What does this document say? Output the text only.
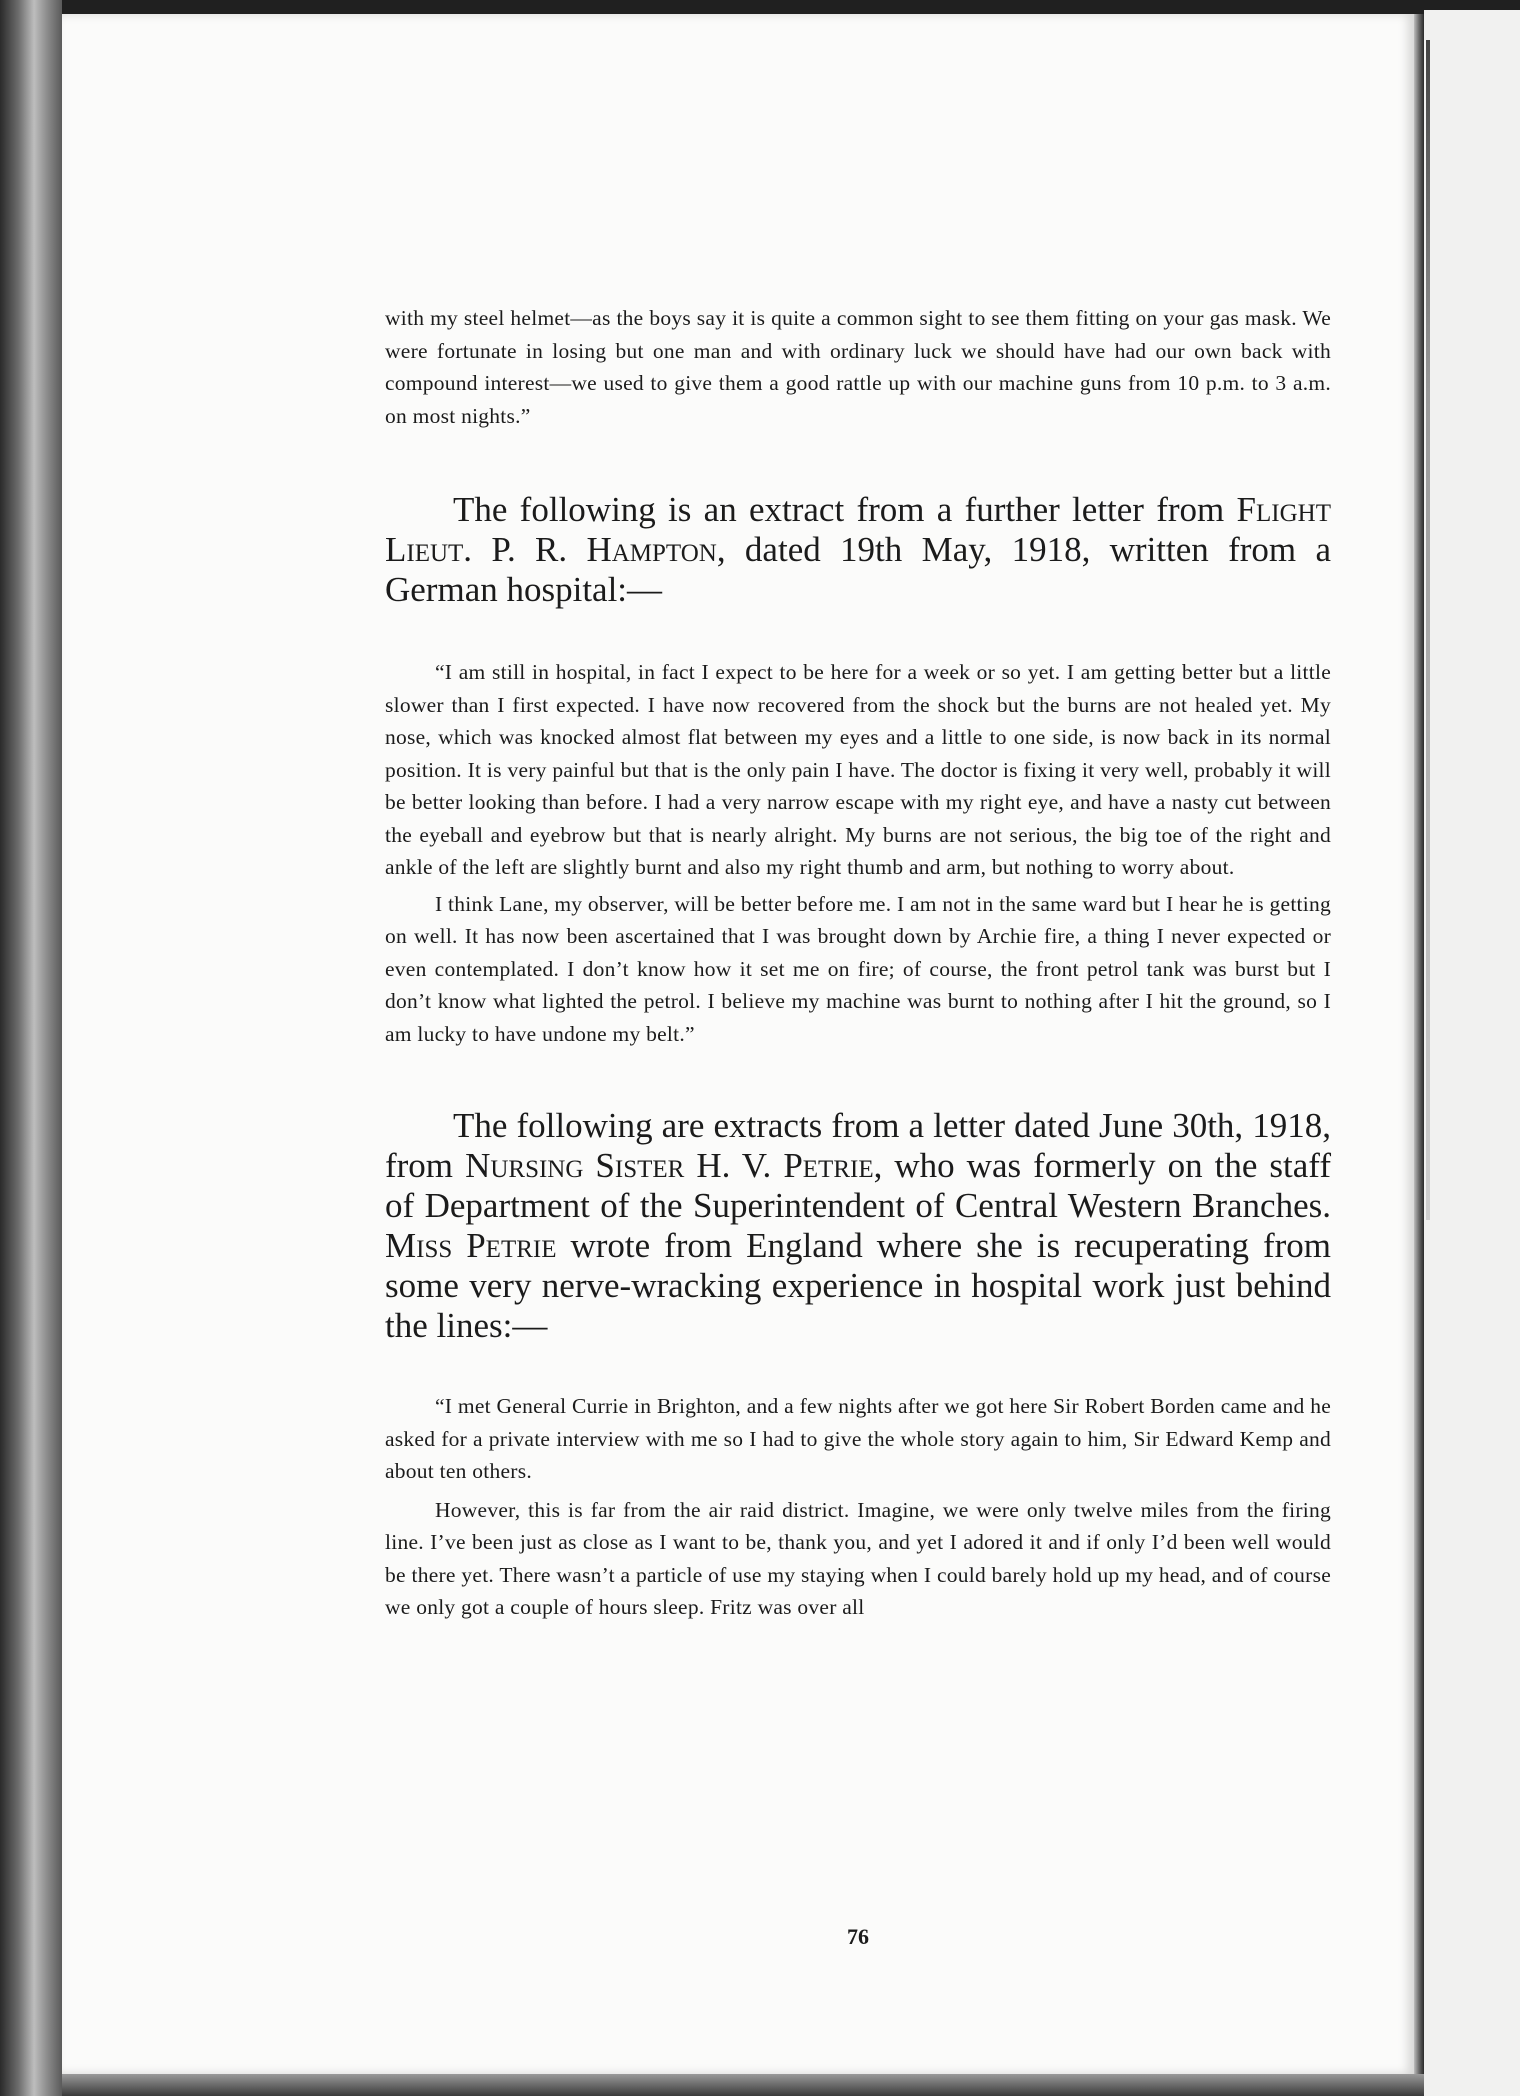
with my steel helmet—as the boys say it is quite a common sight to see them fitting on your gas mask. We were fortunate in losing but one man and with ordinary luck we should have had our own back with compound interest—we used to give them a good rattle up with our machine guns from 10 p.m. to 3 a.m. on most nights.”

The following is an extract from a further letter from Flight Lieut. P. R. Hampton, dated 19th May, 1918, written from a German hospital:—

“I am still in hospital, in fact I expect to be here for a week or so yet. I am getting better but a little slower than I first expected. I have now recovered from the shock but the burns are not healed yet. My nose, which was knocked almost flat between my eyes and a little to one side, is now back in its normal position. It is very painful but that is the only pain I have. The doctor is fixing it very well, probably it will be better looking than before. I had a very narrow escape with my right eye, and have a nasty cut between the eyeball and eyebrow but that is nearly alright. My burns are not serious, the big toe of the right and ankle of the left are slightly burnt and also my right thumb and arm, but nothing to worry about.

I think Lane, my observer, will be better before me. I am not in the same ward but I hear he is getting on well. It has now been ascertained that I was brought down by Archie fire, a thing I never expected or even contemplated. I don’t know how it set me on fire; of course, the front petrol tank was burst but I don’t know what lighted the petrol. I believe my machine was burnt to nothing after I hit the ground, so I am lucky to have undone my belt.”

The following are extracts from a letter dated June 30th, 1918, from Nursing Sister H. V. Petrie, who was formerly on the staff of Department of the Superintendent of Central Western Branches. Miss Petrie wrote from England where she is recuperating from some very nerve-wracking experience in hospital work just behind the lines:—

“I met General Currie in Brighton, and a few nights after we got here Sir Robert Borden came and he asked for a private interview with me so I had to give the whole story again to him, Sir Edward Kemp and about ten others.

However, this is far from the air raid district. Imagine, we were only twelve miles from the firing line. I’ve been just as close as I want to be, thank you, and yet I adored it and if only I’d been well would be there yet. There wasn’t a particle of use my staying when I could barely hold up my head, and of course we only got a couple of hours sleep. Fritz was over all

76
